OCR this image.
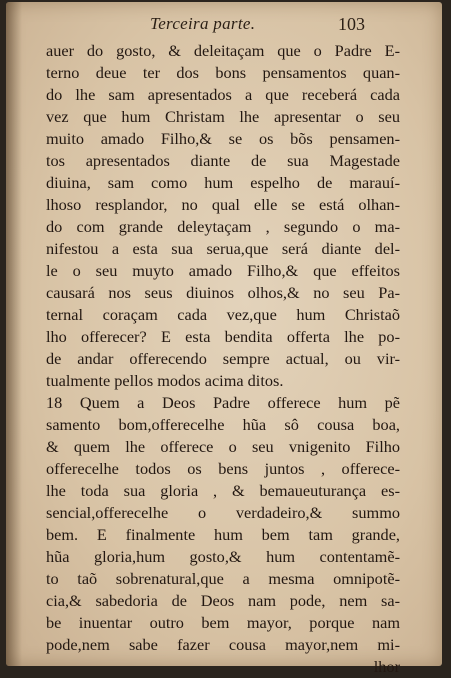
Terceira parte.	103
auer do gosto, & deleitaçam que o Padre E-
terno deue ter dos bons pensamentos quan-
do lhe sam apresentados a que receberá cada
vez que hum Christam lhe apresentar o seu
muito amado Filho,& se os bõs pensamen-
tos apresentados diante de sua Magestade
diuina, sam como hum espelho de marauí-
lhoso resplandor, no qual elle se está olhan-
do com grande deleytaçam , segundo o ma-
nifestou a esta sua serua,que será diante del-
le o seu muyto amado Filho,& que effeitos
causará nos seus diuinos olhos,& no seu Pa-
ternal coraçam cada vez,que hum Christaõ
lho offerecer? E esta bendita offerta lhe po-
de andar offerecendo sempre actual, ou vir-
tualmente pellos modos acima ditos.
18 Quem a Deos Padre offerece hum pẽ
samento bom,offerecelhe hũa sô cousa boa,
& quem lhe offerece o seu vnigenito Filho
offerecelhe todos os bens juntos , offerece-
lhe toda sua gloria , & bemaueuturança es-
sencial,offerecelhe o verdadeiro,& summo
bem. E finalmente hum bem tam grande,
hũa gloria,hum gosto,& hum contentamẽ-
to taõ sobrenatural,que a mesma omnipotẽ-
cia,& sabedoria de Deos nam pode, nem sa-
be inuentar outro bem mayor, porque nam
pode,nem sabe fazer cousa mayor,nem mi-
lhor
